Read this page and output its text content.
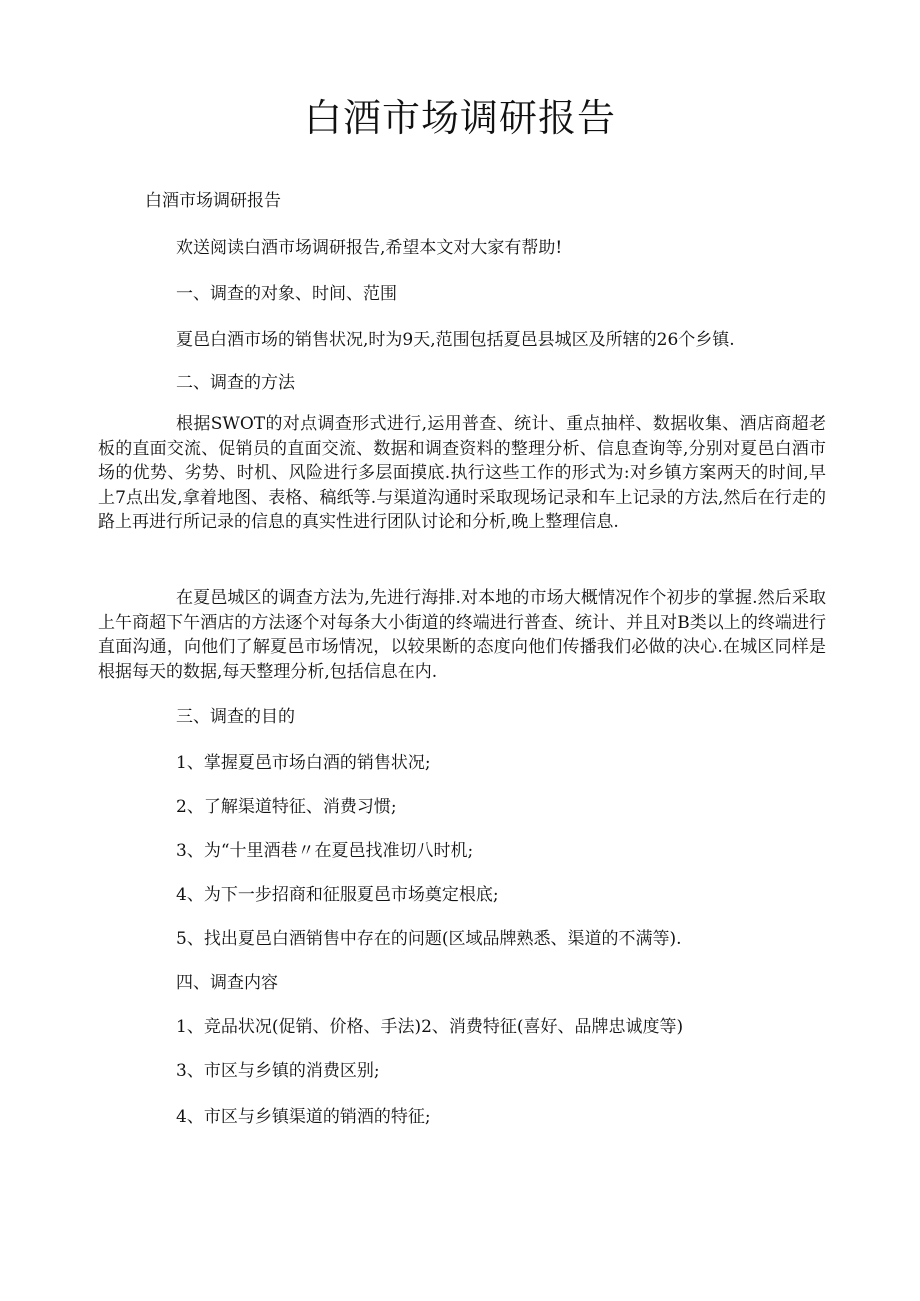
白酒市场调研报告

白酒市场调研报告

欢送阅读白酒市场调研报告,希望本文对大家有帮助!

一、调查的对象、时间、范围

夏邑白酒市场的销售状况,时为9天,范围包括夏邑县城区及所辖的26个乡镇.

二、调查的方法

根据SWOT的对点调查形式进行,运用普查、统计、重点抽样、数据收集、酒店商超老板的直面交流、促销员的直面交流、数据和调查资料的整理分析、信息查询等,分别对夏邑白酒市场的优势、劣势、时机、风险进行多层面摸底.执行这些工作的形式为:对乡镇方案两天的时间,早上7点出发,拿着地图、表格、稿纸等.与渠道沟通时采取现场记录和车上记录的方法,然后在行走的路上再进行所记录的信息的真实性进行团队讨论和分析,晚上整理信息.

在夏邑城区的调查方法为,先进行海排.对本地的市场大概情况作个初步的掌握.然后采取上午商超下午酒店的方法逐个对每条大小街道的终端进行普查、统计、并且对B类以上的终端进行直面沟通，向他们了解夏邑市场情况，以较果断的态度向他们传播我们必做的决心.在城区同样是根据每天的数据,每天整理分析,包括信息在内.

三、调查的目的

1、掌握夏邑市场白酒的销售状况;

2、了解渠道特征、消费习惯;

3、为“十里酒巷〃在夏邑找准切八时机;

4、为下一步招商和征服夏邑市场奠定根底;

5、找出夏邑白酒销售中存在的问题(区域品牌熟悉、渠道的不满等).

四、调查内容

1、竞品状况(促销、价格、手法)2、消费特征(喜好、品牌忠诚度等)

3、市区与乡镇的消费区别;

4、市区与乡镇渠道的销酒的特征;
